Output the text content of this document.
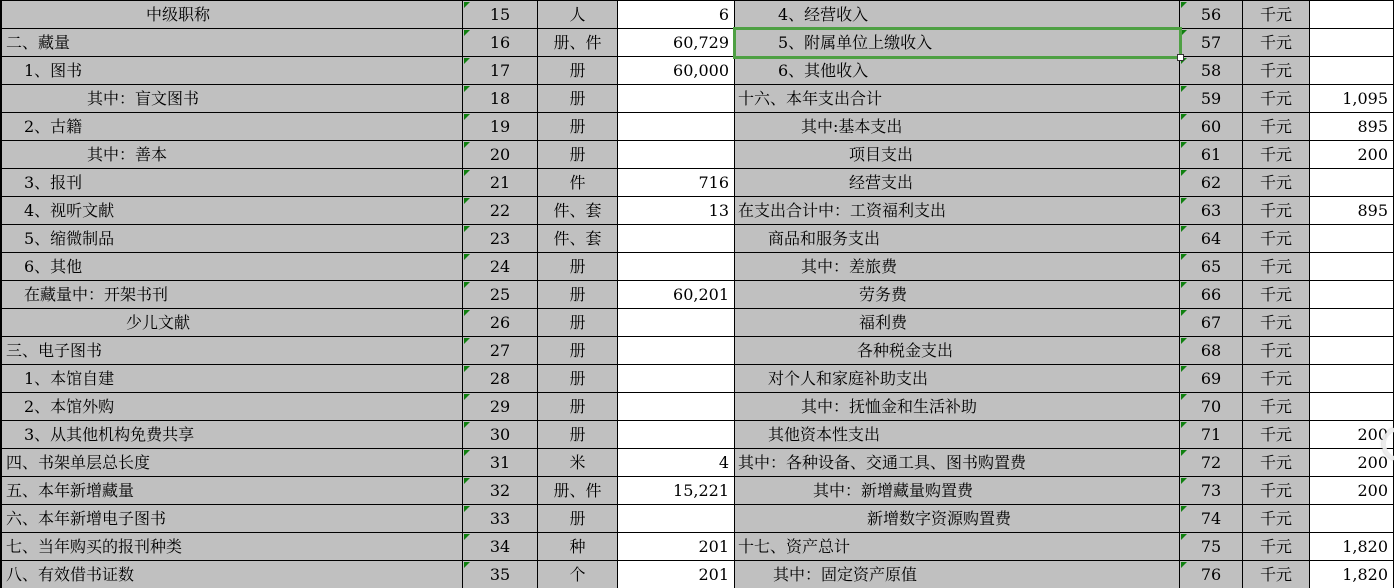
中级职称	15	人	6
二、藏量	16	册、件	60,729
1、图书	17	册	60,000
其中：盲文图书	18	册
2、古籍	19	册
其中：善本	20	册
3、报刊	21	件	716
4、视听文献	22	件、套	13
5、缩微制品	23	件、套
6、其他	24	册
在藏量中：开架书刊	25	册	60,201
少儿文献	26	册
三、电子图书	27	册
1、本馆自建	28	册
2、本馆外购	29	册
3、从其他机构免费共享	30	册
四、书架单层总长度	31	米	4
五、本年新增藏量	32	册、件	15,221
六、本年新增电子图书	33	册
七、当年购买的报刊种类	34	种	201
八、有效借书证数	35	个	201
4、经营收入	56	千元
5、附属单位上缴收入	57	千元
6、其他收入	58	千元
十六、本年支出合计	59	千元	1,095
其中:基本支出	60	千元	895
项目支出	61	千元	200
经营支出	62	千元
在支出合计中：工资福利支出	63	千元	895
商品和服务支出	64	千元
其中：差旅费	65	千元
劳务费	66	千元
福利费	67	千元
各种税金支出	68	千元
对个人和家庭补助支出	69	千元
其中：抚恤金和生活补助	70	千元
其他资本性支出	71	千元	200
其中：各种设备、交通工具、图书购置费	72	千元	200
其中：新增藏量购置费	73	千元	200
新增数字资源购置费	74	千元
十七、资产总计	75	千元	1,820
其中：固定资产原值	76	千元	1,820
